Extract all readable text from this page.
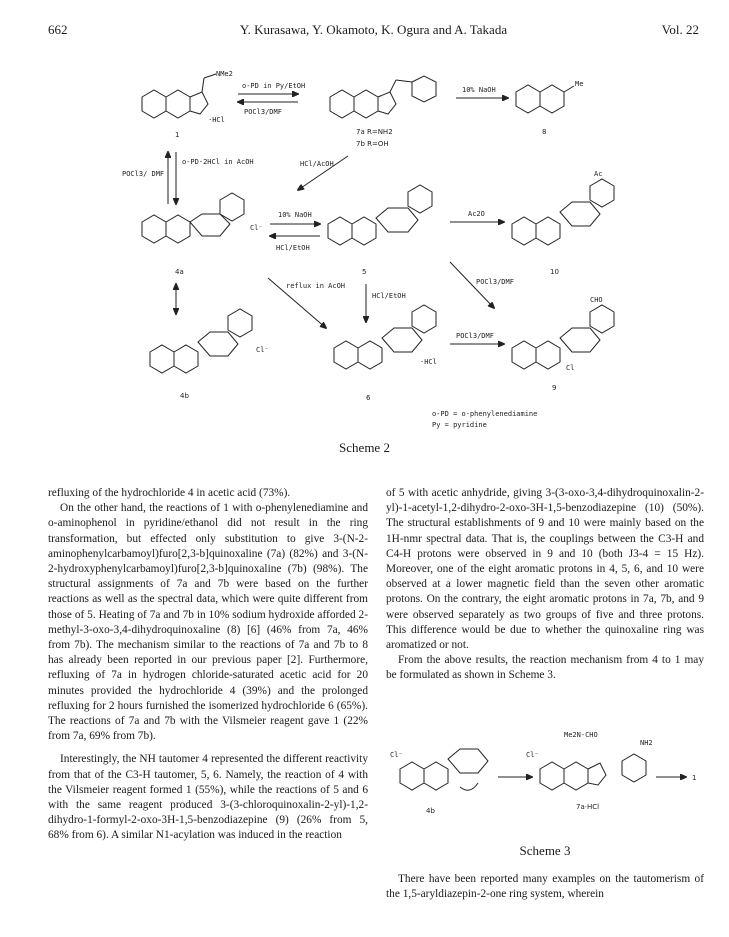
662	Y. Kurasawa, Y. Okamoto, K. Ogura and A. Takada	Vol. 22
NMe2
·HCl
1
o-PD in Py/EtOH
POCl3/DMF
7a R=NH2
7b R=OH
10% NaOH
Me
8
HCl/AcOH
o-PD·2HCl in AcOH
POCl3/ DMF
Cl⁻
4a
10% NaOH
HCl/EtOH
5
Ac2O
Ac
10
reflux in AcOH
HCl/EtOH
POCl3/DMF
Cl⁻
4b
·HCl
6
POCl3/DMF
CHO
Cl
9
o-PD = o-phenylenediamine
Py = pyridine
Scheme 2

refluxing of the hydrochloride 4 in acetic acid (73%).

On the other hand, the reactions of 1 with o-phenylenediamine and o-aminophenol in pyridine/ethanol did not result in the ring transformation, but effected only substitution to give 3-(N-2-aminophenylcarbamoyl)furo[2,3-b]quinoxaline (7a) (82%) and 3-(N-2-hydroxyphenylcarbamoyl)furo[2,3-b]quinoxaline (7b) (98%). The structural assignments of 7a and 7b were based on the further reactions as well as the spectral data, which were quite different from those of 5. Heating of 7a and 7b in 10% sodium hydroxide afforded 2-methyl-3-oxo-3,4-dihydroquinoxaline (8) [6] (46% from 7a, 46% from 7b). The mechanism similar to the reactions of 7a and 7b to 8 has already been reported in our previous paper [2]. Furthermore, refluxing of 7a in hydrogen chloride-saturated acetic acid for 20 minutes provided the hydrochloride 4 (39%) and the prolonged refluxing for 2 hours furnished the isomerized hydrochloride 6 (65%). The reactions of 7a and 7b with the Vilsmeier reagent gave 1 (22% from 7a, 69% from 7b).

Interestingly, the NH tautomer 4 represented the different reactivity from that of the C3-H tautomer, 5, 6. Namely, the reaction of 4 with the Vilsmeier reagent formed 1 (55%), while the reactions of 5 and 6 with the same reagent produced 3-(3-chloroquinoxalin-2-yl)-1,2-dihydro-1-formyl-2-oxo-3H-1,5-benzodiazepine (9) (26% from 5, 68% from 6). A similar N1-acylation was induced in the reaction

of 5 with acetic anhydride, giving 3-(3-oxo-3,4-dihydroquinoxalin-2-yl)-1-acetyl-1,2-dihydro-2-oxo-3H-1,5-benzodiazepine (10) (50%). The structural establishments of 9 and 10 were mainly based on the 1H-nmr spectral data. That is, the couplings between the C3-H and C4-H protons were observed in 9 and 10 (both J3-4 = 15 Hz). Moreover, one of the eight aromatic protons in 4, 5, 6, and 10 were observed at a lower magnetic field than the seven other aromatic protons. On the contrary, the eight aromatic protons in 7a, 7b, and 9 were observed separately as two groups of five and three protons. This difference would be due to whether the quinoxaline ring was aromatized or not.

From the above results, the reaction mechanism from 4 to 1 may be formulated as shown in Scheme 3.

Cl⁻
4b
Me2N-CHO
NH2
Cl⁻
7a·HCl
1
Scheme 3

There have been reported many examples on the tautomerism of the 1,5-aryldiazepin-2-one ring system, wherein
